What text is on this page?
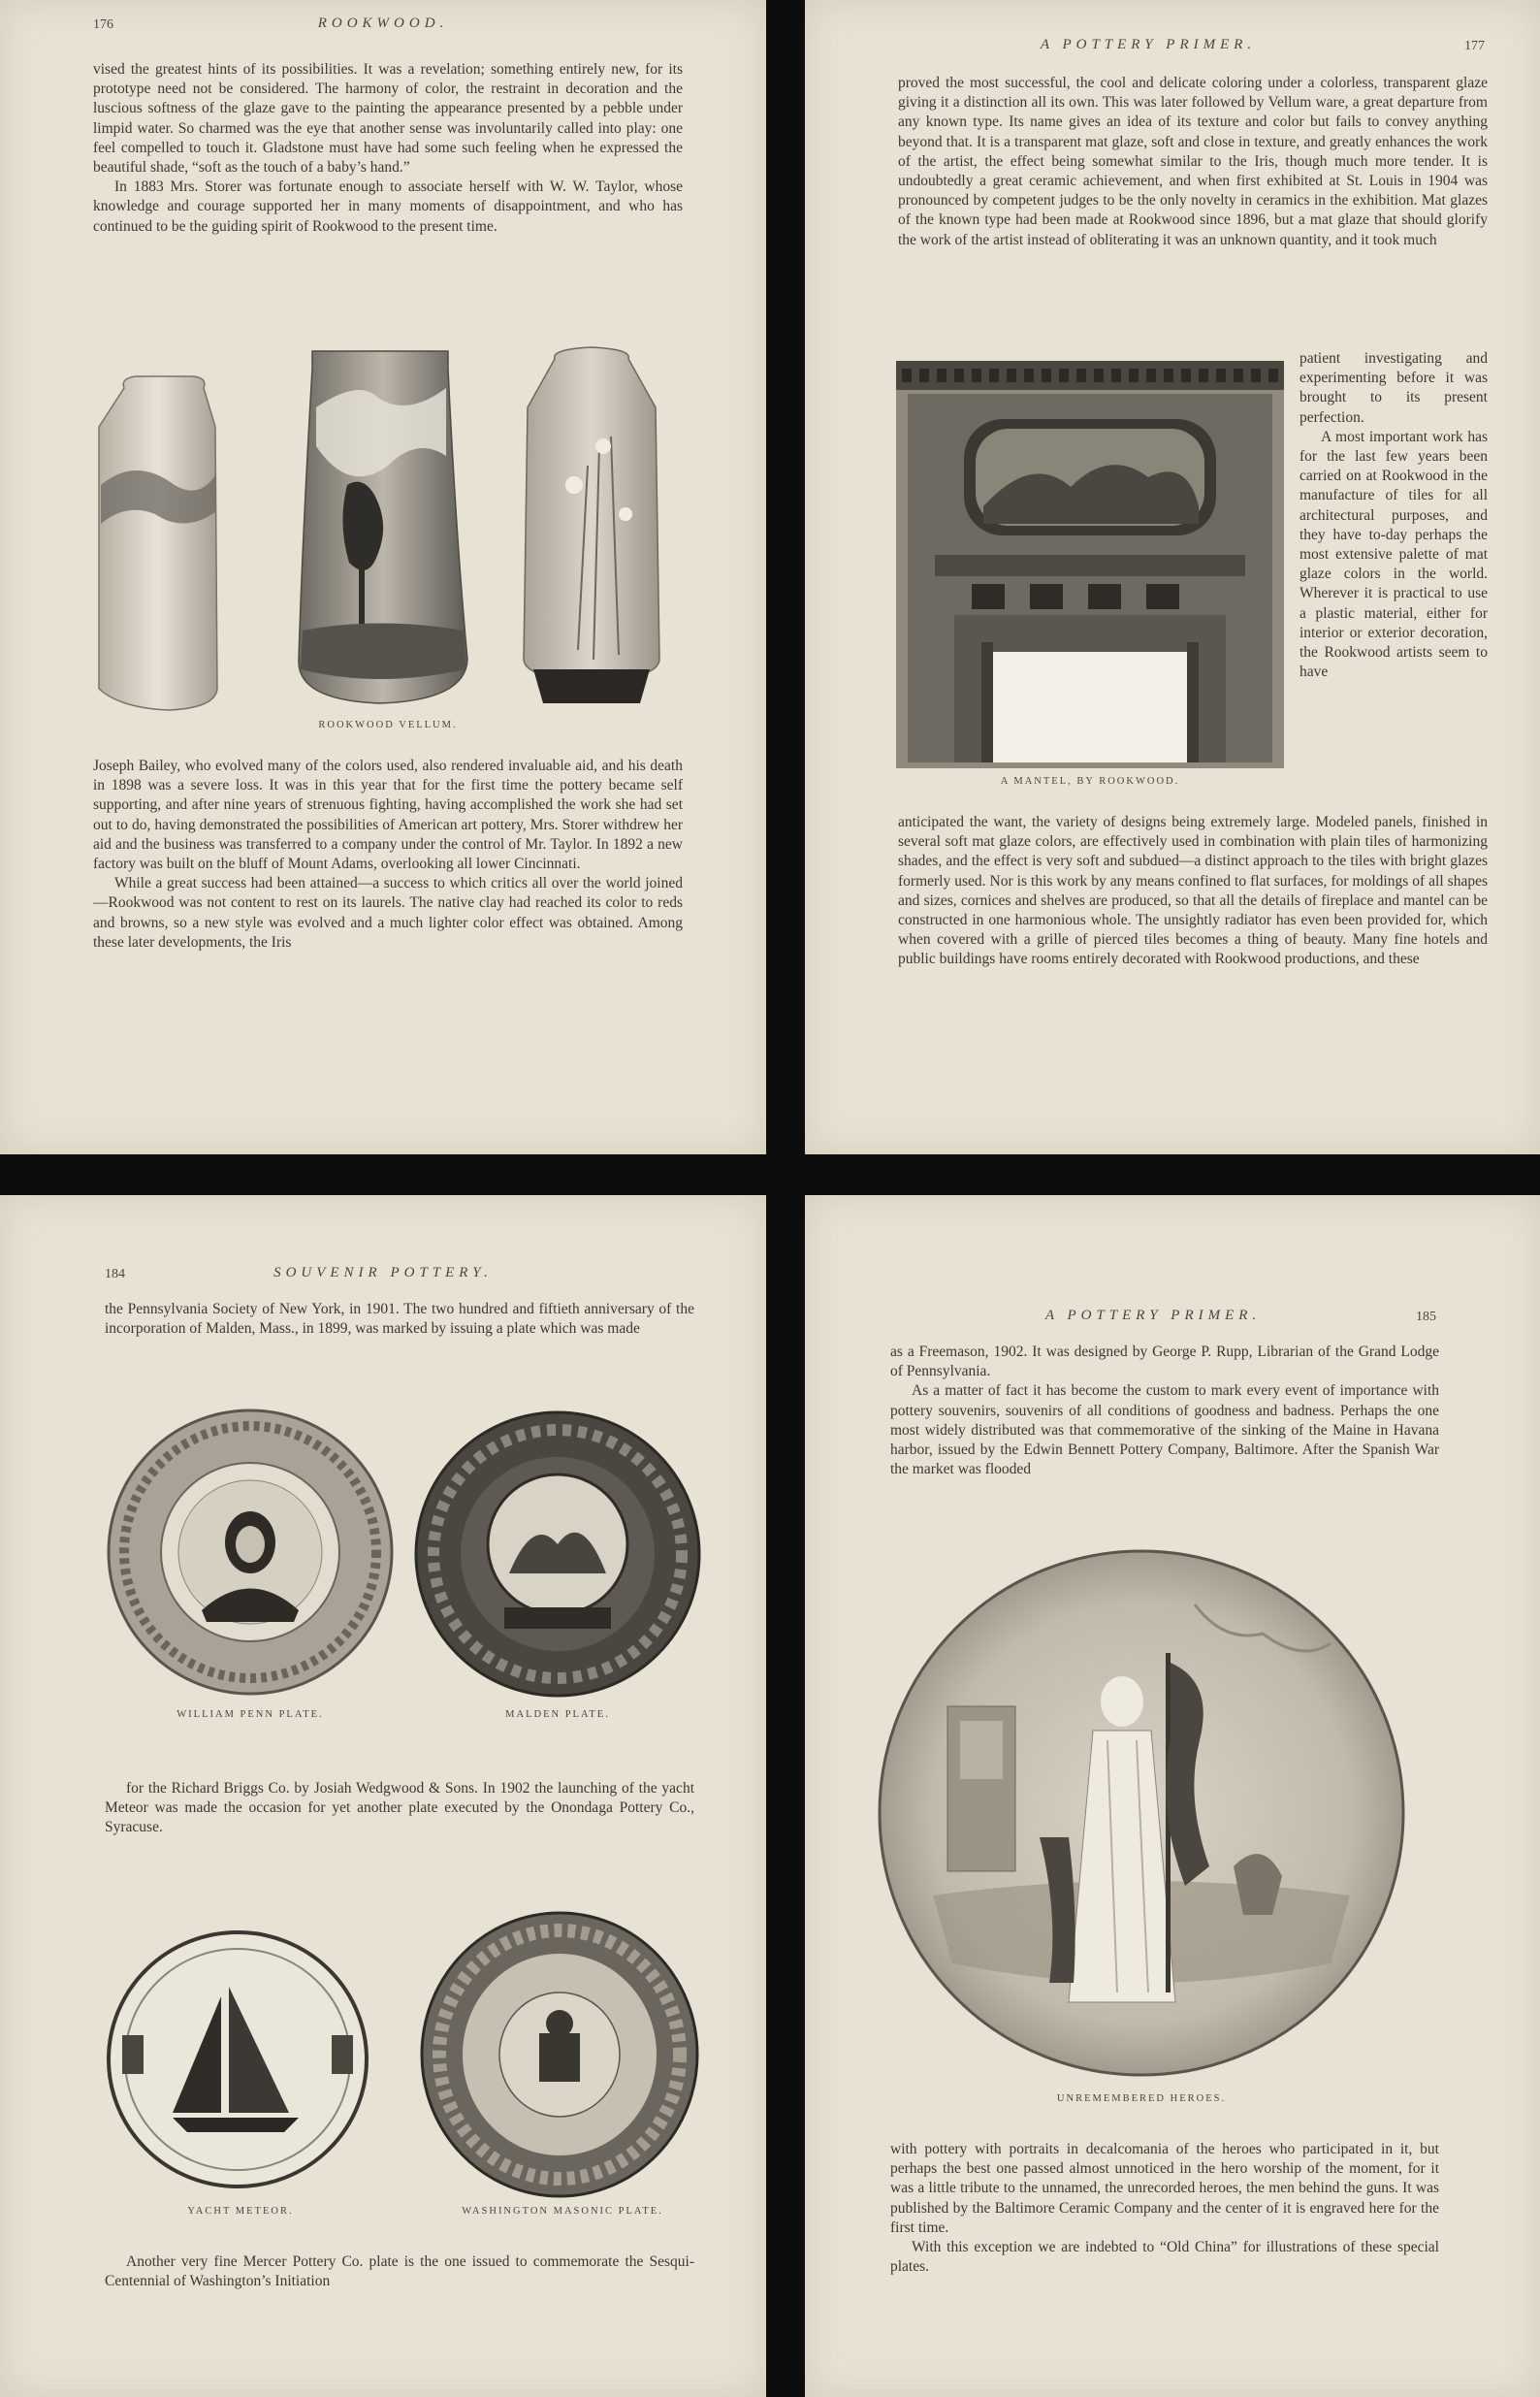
176	ROOKWOOD.

vised the greatest hints of its possibilities. It was a revelation; something entirely new, for its prototype need not be considered. The harmony of color, the restraint in decoration and the luscious softness of the glaze gave to the painting the appearance presented by a pebble under limpid water. So charmed was the eye that another sense was involuntarily called into play: one feel compelled to touch it. Gladstone must have had some such feeling when he expressed the beautiful shade, “soft as the touch of a baby’s hand.”

In 1883 Mrs. Storer was fortunate enough to associate herself with W. W. Taylor, whose knowledge and courage supported her in many moments of disappointment, and who has continued to be the guiding spirit of Rookwood to the present time.

ROOKWOOD VELLUM.

Joseph Bailey, who evolved many of the colors used, also rendered invaluable aid, and his death in 1898 was a severe loss. It was in this year that for the first time the pottery became self supporting, and after nine years of strenuous fighting, having accomplished the work she had set out to do, having demonstrated the possibilities of American art pottery, Mrs. Storer withdrew her aid and the business was transferred to a company under the control of Mr. Taylor. In 1892 a new factory was built on the bluff of Mount Adams, overlooking all lower Cincinnati.

While a great success had been attained—a success to which critics all over the world joined—Rookwood was not content to rest on its laurels. The native clay had reached its color to reds and browns, so a new style was evolved and a much lighter color effect was obtained. Among these later developments, the Iris

A POTTERY PRIMER.	177

proved the most successful, the cool and delicate coloring under a colorless, transparent glaze giving it a distinction all its own. This was later followed by Vellum ware, a great departure from any known type. Its name gives an idea of its texture and color but fails to convey anything beyond that. It is a transparent mat glaze, soft and close in texture, and greatly enhances the work of the artist, the effect being somewhat similar to the Iris, though much more tender. It is undoubtedly a great ceramic achievement, and when first exhibited at St. Louis in 1904 was pronounced by competent judges to be the only novelty in ceramics in the exhibition. Mat glazes of the known type had been made at Rookwood since 1896, but a mat glaze that should glorify the work of the artist instead of obliterating it was an unknown quantity, and it took much

A MANTEL, BY ROOKWOOD.

patient investigating and experimenting before it was brought to its present perfection.

A most important work has for the last few years been carried on at Rookwood in the manufacture of tiles for all architectural purposes, and they have to-day perhaps the most extensive palette of mat glaze colors in the world. Wherever it is practical to use a plastic material, either for interior or exterior decoration, the Rookwood artists seem to have

anticipated the want, the variety of designs being extremely large. Modeled panels, finished in several soft mat glaze colors, are effectively used in combination with plain tiles of harmonizing shades, and the effect is very soft and subdued—a distinct approach to the tiles with bright glazes formerly used. Nor is this work by any means confined to flat surfaces, for moldings of all shapes and sizes, cornices and shelves are produced, so that all the details of fireplace and mantel can be constructed in one harmonious whole. The unsightly radiator has even been provided for, which when covered with a grille of pierced tiles becomes a thing of beauty. Many fine hotels and public buildings have rooms entirely decorated with Rookwood productions, and these

184	SOUVENIR POTTERY.

the Pennsylvania Society of New York, in 1901. The two hundred and fiftieth anniversary of the incorporation of Malden, Mass., in 1899, was marked by issuing a plate which was made

WILLIAM PENN PLATE.	MALDEN PLATE.

for the Richard Briggs Co. by Josiah Wedgwood & Sons. In 1902 the launching of the yacht Meteor was made the occasion for yet another plate executed by the Onondaga Pottery Co., Syracuse.

YACHT METEOR.	WASHINGTON MASONIC PLATE.

Another very fine Mercer Pottery Co. plate is the one issued to commemorate the Sesqui-Centennial of Washington’s Initiation

A POTTERY PRIMER.	185

as a Freemason, 1902. It was designed by George P. Rupp, Librarian of the Grand Lodge of Pennsylvania.

As a matter of fact it has become the custom to mark every event of importance with pottery souvenirs, souvenirs of all conditions of goodness and badness. Perhaps the one most widely distributed was that commemorative of the sinking of the Maine in Havana harbor, issued by the Edwin Bennett Pottery Company, Baltimore. After the Spanish War the market was flooded

UNREMEMBERED HEROES.

with pottery with portraits in decalcomania of the heroes who participated in it, but perhaps the best one passed almost unnoticed in the hero worship of the moment, for it was a little tribute to the unnamed, the unrecorded heroes, the men behind the guns. It was published by the Baltimore Ceramic Company and the center of it is engraved here for the first time.

With this exception we are indebted to “Old China” for illustrations of these special plates.
